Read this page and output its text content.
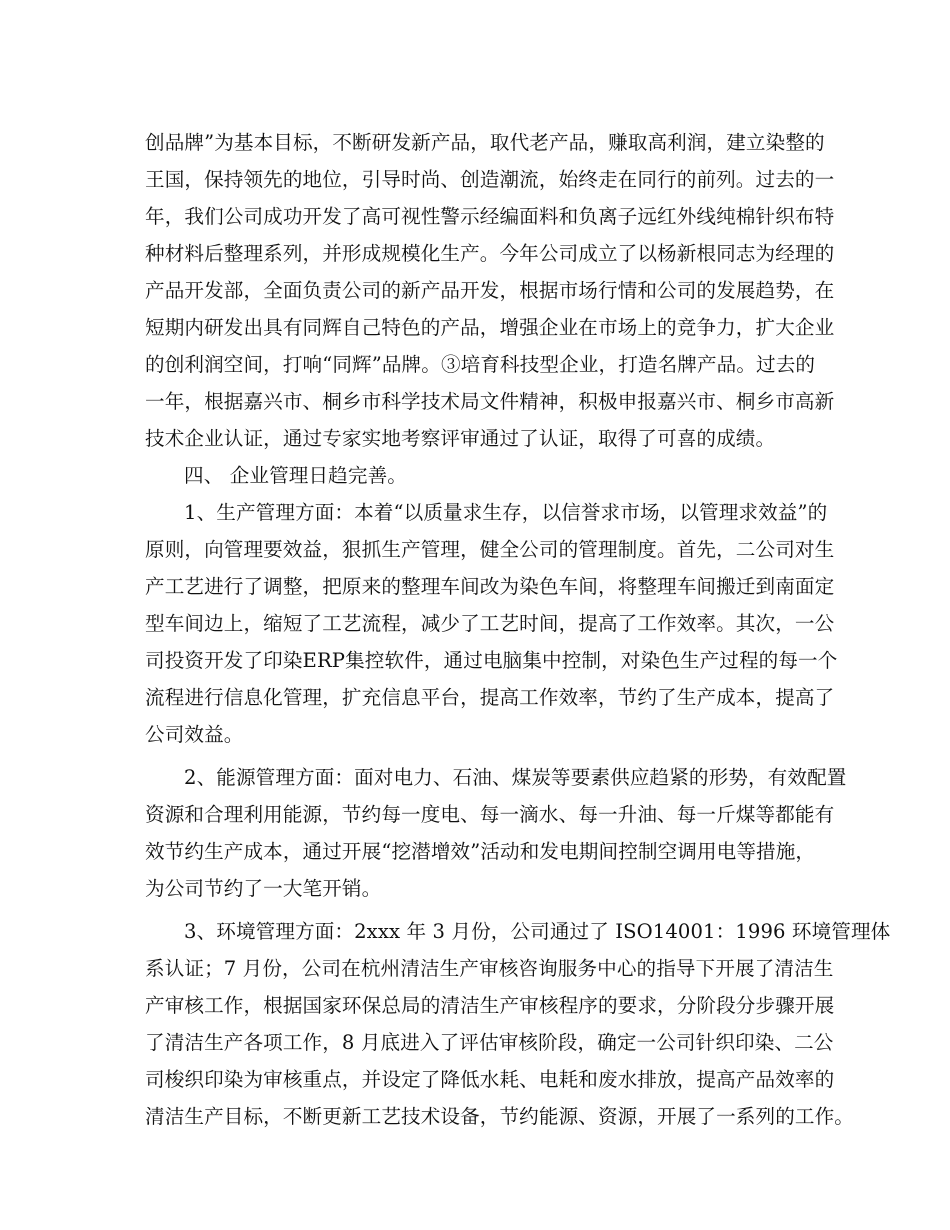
创品牌”为基本目标，不断研发新产品，取代老产品，赚取高利润，建立染整的
王国，保持领先的地位，引导时尚、创造潮流，始终走在同行的前列。过去的一
年，我们公司成功开发了高可视性警示经编面料和负离子远红外线纯棉针织布特
种材料后整理系列，并形成规模化生产。今年公司成立了以杨新根同志为经理的
产品开发部，全面负责公司的新产品开发，根据市场行情和公司的发展趋势，在
短期内研发出具有同辉自己特色的产品，增强企业在市场上的竞争力，扩大企业
的创利润空间，打响“同辉”品牌。③培育科技型企业，打造名牌产品。过去的
一年，根据嘉兴市、桐乡市科学技术局文件精神，积极申报嘉兴市、桐乡市高新
技术企业认证，通过专家实地考察评审通过了认证，取得了可喜的成绩。
四、 企业管理日趋完善。
1、生产管理方面：本着“以质量求生存，以信誉求市场，以管理求效益”的
原则，向管理要效益，狠抓生产管理，健全公司的管理制度。首先，二公司对生
产工艺进行了调整，把原来的整理车间改为染色车间，将整理车间搬迁到南面定
型车间边上，缩短了工艺流程，减少了工艺时间，提高了工作效率。其次，一公
司投资开发了印染ERP集控软件，通过电脑集中控制，对染色生产过程的每一个
流程进行信息化管理，扩充信息平台，提高工作效率，节约了生产成本，提高了
公司效益。
2、能源管理方面：面对电力、石油、煤炭等要素供应趋紧的形势，有效配置
资源和合理利用能源，节约每一度电、每一滴水、每一升油、每一斤煤等都能有
效节约生产成本，通过开展“挖潜增效”活动和发电期间控制空调用电等措施，
为公司节约了一大笔开销。
3、环境管理方面：2xxx 年 3 月份，公司通过了 ISO14001：1996 环境管理体
系认证；7 月份，公司在杭州清洁生产审核咨询服务中心的指导下开展了清洁生
产审核工作，根据国家环保总局的清洁生产审核程序的要求，分阶段分步骤开展
了清洁生产各项工作，8 月底进入了评估审核阶段，确定一公司针织印染、二公
司梭织印染为审核重点，并设定了降低水耗、电耗和废水排放，提高产品效率的
清洁生产目标，不断更新工艺技术设备，节约能源、资源，开展了一系列的工作。
